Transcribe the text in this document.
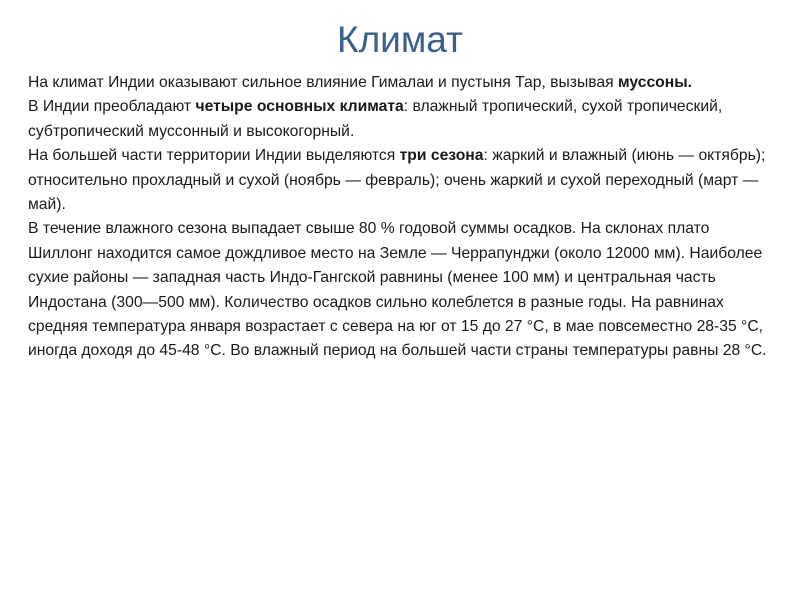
Климат

На климат Индии оказывают сильное влияние Гималаи и пустыня Тар, вызывая муссоны.

В Индии преобладают четыре основных климата: влажный тропический, сухой тропический, субтропический муссонный и высокогорный.

На большей части территории Индии выделяются три сезона: жаркий и влажный (июнь — октябрь); относительно прохладный и сухой (ноябрь — февраль); очень жаркий и сухой переходный (март — май).

В течение влажного сезона выпадает свыше 80 % годовой суммы осадков. На склонах плато Шиллонг находится самое дождливое место на Земле — Черрапунджи (около 12000 мм). Наиболее сухие районы — западная часть Индо-Гангской равнины (менее 100 мм) и центральная часть Индостана (300—500 мм). Количество осадков сильно колеблется в разные годы. На равнинах средняя температура января возрастает с севера на юг от 15 до 27 °С, в мае повсеместно 28-35 °С, иногда доходя до 45-48 °С. Во влажный период на большей части страны температуры равны 28 °С.
